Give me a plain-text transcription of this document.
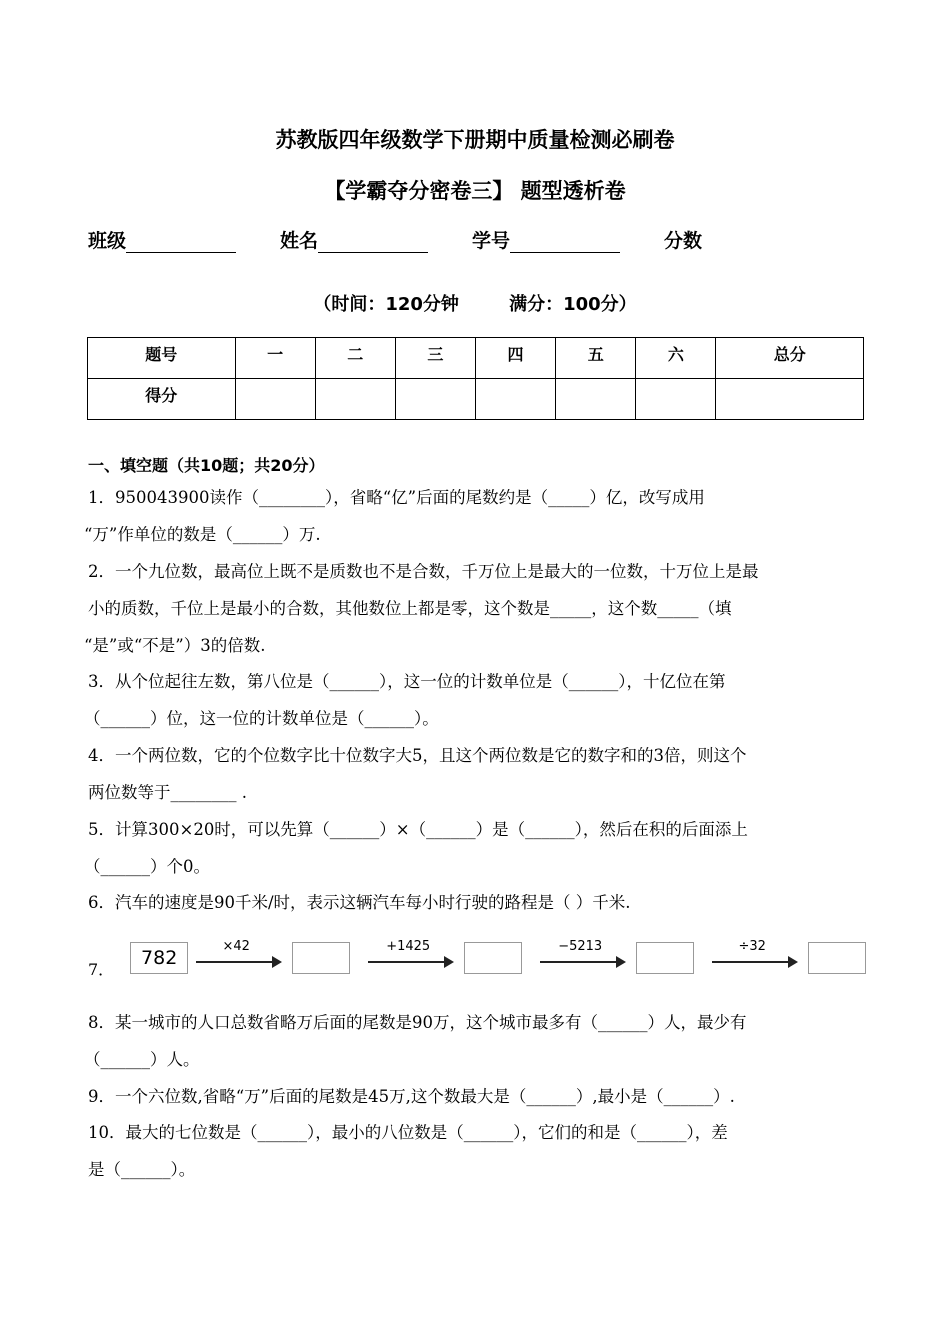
苏教版四年级数学下册期中质量检测必刷卷
【学霸夺分密卷三】 题型透析卷
班级	姓名	学号	分数
（时间：120分钟        满分：100分）
题号	一	二	三	四	五	六	总分
得分							
一、填空题（共10题；共20分）
1．950043900读作（________），省略“亿”后面的尾数约是（_____）亿，改写成用
“万”作单位的数是（______）万.
2．一个九位数，最高位上既不是质数也不是合数，千万位上是最大的一位数，十万位上是最
小的质数，千位上是最小的合数，其他数位上都是零，这个数是_____，这个数_____（填
“是”或“不是”）3的倍数.
3．从个位起往左数，第八位是（______），这一位的计数单位是（______），十亿位在第
（______）位，这一位的计数单位是（______）。
4．一个两位数，它的个位数字比十位数字大5，且这个两位数是它的数字和的3倍，则这个
两位数等于________ .
5．计算300×20时，可以先算（______）×（______）是（______），然后在积的后面添上
（______）个0。
6．汽车的速度是90千米/时，表示这辆汽车每小时行驶的路程是（ ）千米.
7．
782
×42	+1425	−5213	÷32
8．某一城市的人口总数省略万后面的尾数是90万，这个城市最多有（______）人，最少有
（______）人。
9．一个六位数,省略“万”后面的尾数是45万,这个数最大是（______）,最小是（______）.
10．最大的七位数是（______），最小的八位数是（______），它们的和是（______），差
是（______）。
